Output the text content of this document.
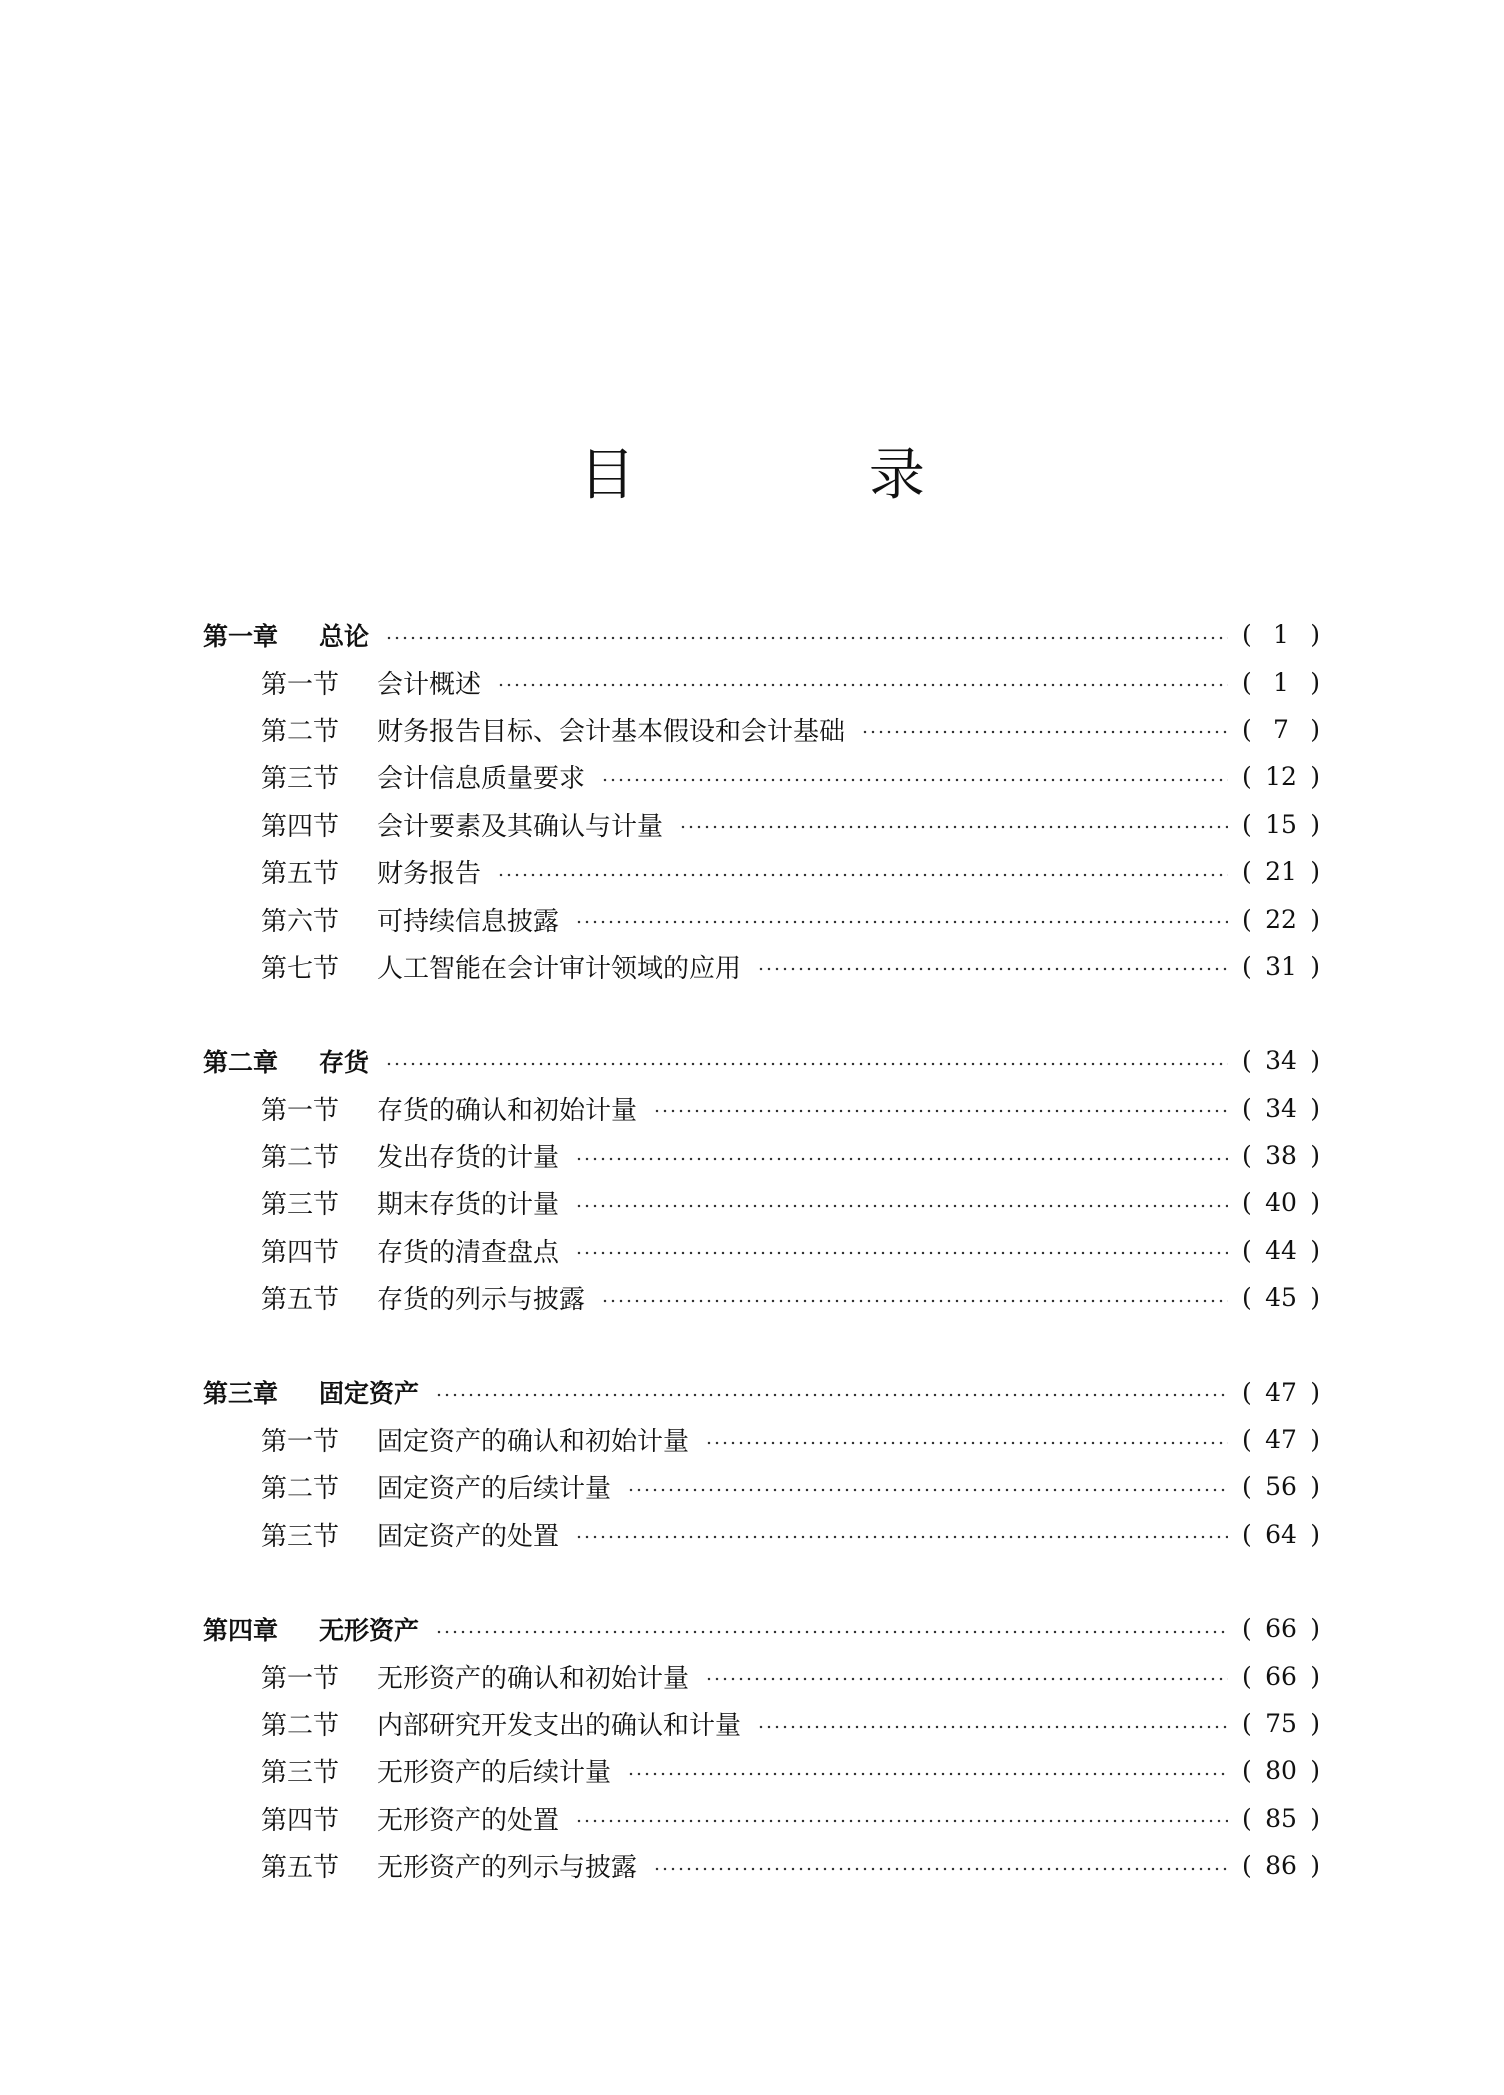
目 录
第一章	总论	( 1 )
第一节	会计概述	( 1 )
第二节	财务报告目标、会计基本假设和会计基础	( 7 )
第三节	会计信息质量要求	( 12 )
第四节	会计要素及其确认与计量	( 15 )
第五节	财务报告	( 21 )
第六节	可持续信息披露	( 22 )
第七节	人工智能在会计审计领域的应用	( 31 )
第二章	存货	( 34 )
第一节	存货的确认和初始计量	( 34 )
第二节	发出存货的计量	( 38 )
第三节	期末存货的计量	( 40 )
第四节	存货的清查盘点	( 44 )
第五节	存货的列示与披露	( 45 )
第三章	固定资产	( 47 )
第一节	固定资产的确认和初始计量	( 47 )
第二节	固定资产的后续计量	( 56 )
第三节	固定资产的处置	( 64 )
第四章	无形资产	( 66 )
第一节	无形资产的确认和初始计量	( 66 )
第二节	内部研究开发支出的确认和计量	( 75 )
第三节	无形资产的后续计量	( 80 )
第四节	无形资产的处置	( 85 )
第五节	无形资产的列示与披露	( 86 )
